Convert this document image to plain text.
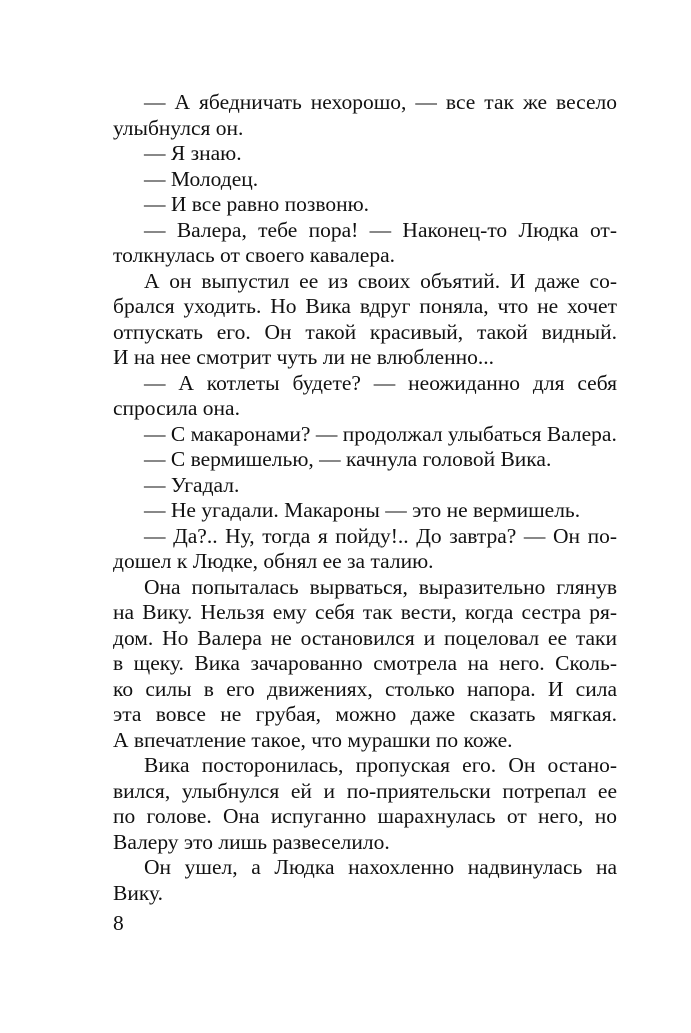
— А ябедничать нехорошо, — все так же весело
улыбнулся он.
— Я знаю.
— Молодец.
— И все равно позвоню.
— Валера, тебе пора! — Наконец-то Людка от-
толкнулась от своего кавалера.
А он выпустил ее из своих объятий. И даже со-
брался уходить. Но Вика вдруг поняла, что не хочет
отпускать его. Он такой красивый, такой видный.
И на нее смотрит чуть ли не влюбленно...
— А котлеты будете? — неожиданно для себя
спросила она.
— С макаронами? — продолжал улыбаться Валера.
— С вермишелью, — качнула головой Вика.
— Угадал.
— Не угадали. Макароны — это не вермишель.
— Да?.. Ну, тогда я пойду!.. До завтра? — Он по-
дошел к Людке, обнял ее за талию.
Она попыталась вырваться, выразительно глянув
на Вику. Нельзя ему себя так вести, когда сестра ря-
дом. Но Валера не остановился и поцеловал ее таки
в щеку. Вика зачарованно смотрела на него. Сколь-
ко силы в его движениях, столько напора. И сила
эта вовсе не грубая, можно даже сказать мягкая.
А впечатление такое, что мурашки по коже.
Вика посторонилась, пропуская его. Он остано-
вился, улыбнулся ей и по-приятельски потрепал ее
по голове. Она испуганно шарахнулась от него, но
Валеру это лишь развеселило.
Он ушел, а Людка нахохленно надвинулась на
Вику.
8
